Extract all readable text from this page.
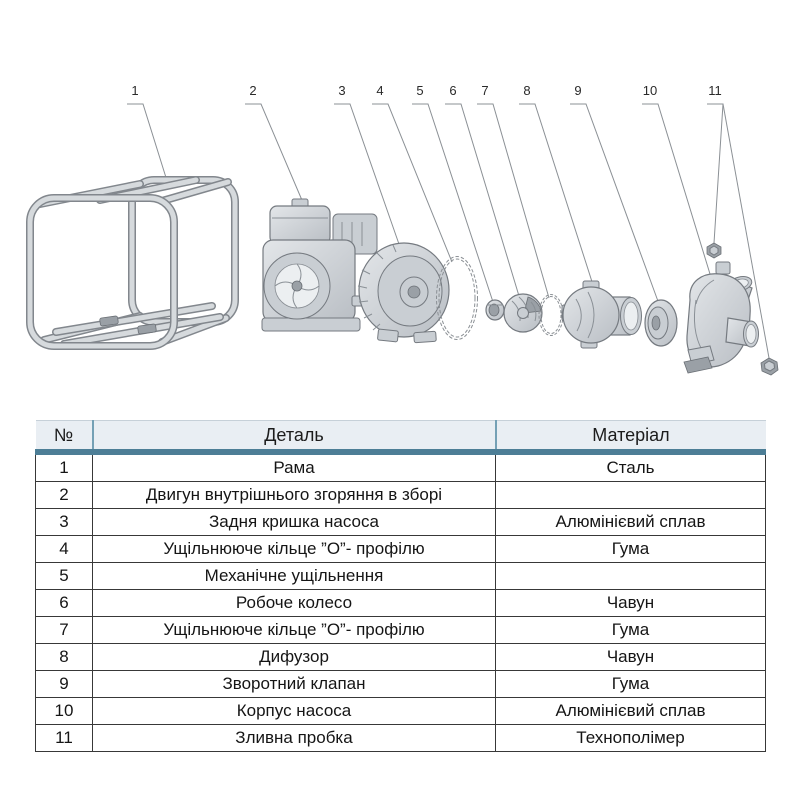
1	2	3 4	5 6 7	8	9	10	11
№	Деталь	Матеріал
1	Рама	Сталь
2	Двигун внутрішнього згоряння в зборі	
3	Задня кришка насоса	Алюмінієвий сплав
4	Ущільнююче кільце ”О”- профілю	Гума
5	Механічне ущільнення	
6	Робоче колесо	Чавун
7	Ущільнююче кільце ”О”- профілю	Гума
8	Дифузор	Чавун
9	Зворотний клапан	Гума
10	Корпус насоса	Алюмінієвий сплав
11	Зливна пробка	Технополімер
